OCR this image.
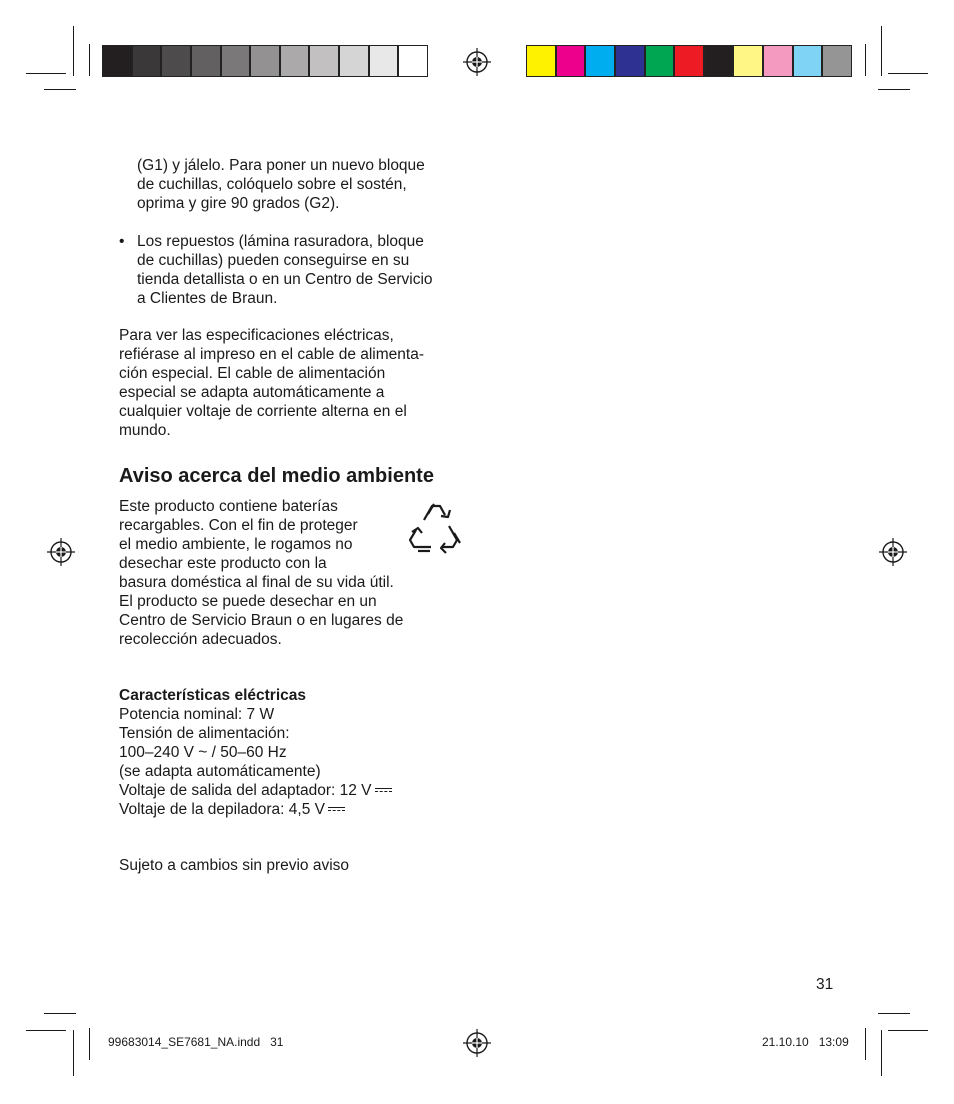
(G1) y jálelo. Para poner un nuevo bloque
de cuchillas, colóquelo sobre el sostén,
oprima y gire 90 grados (G2).
• Los repuestos (lámina rasuradora, bloque
de cuchillas) pueden conseguirse en su
tienda detallista o en un Centro de Servicio
a Clientes de Braun.
Para ver las especificaciones eléctricas,
refiérase al impreso en el cable de alimenta-
ción especial. El cable de alimentación
especial se adapta automáticamente a
cualquier voltaje de corriente alterna en el
mundo.
Aviso acerca del medio ambiente
Este producto contiene baterías
recargables. Con el fin de proteger
el medio ambiente, le rogamos no
desechar este producto con la
basura doméstica al final de su vida útil.
El producto se puede desechar en un
Centro de Servicio Braun o en lugares de
recolección adecuados.
Características eléctricas
Potencia nominal: 7 W
Tensión de alimentación:
100–240 V ~ / 50–60 Hz
(se adapta automáticamente)
Voltaje de salida del adaptador: 12 V
Voltaje de la depiladora: 4,5 V
Sujeto a cambios sin previo aviso
31
99683014_SE7681_NA.indd   31	21.10.10   13:09
